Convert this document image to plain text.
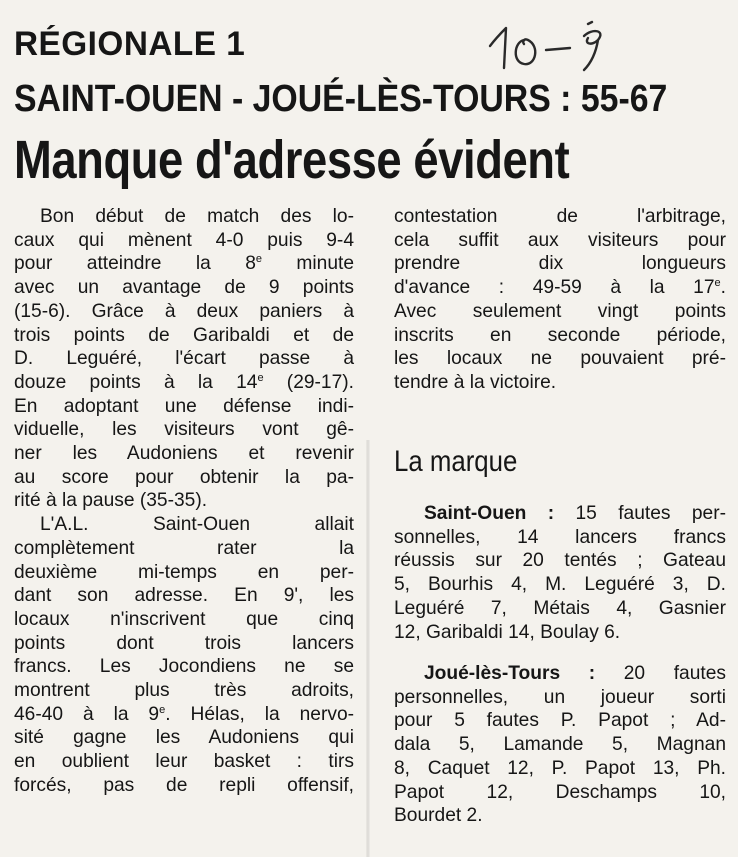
RÉGIONALE 1
SAINT-OUEN - JOUÉ-LÈS-TOURS : 55-67
Manque d'adresse évident
Bon début de match des lo-
caux qui mènent 4-0 puis 9-4
pour atteindre la 8e minute
avec un avantage de 9 points
(15-6). Grâce à deux paniers à
trois points de Garibaldi et de
D. Leguéré, l'écart passe à
douze points à la 14e (29-17).
En adoptant une défense indi-
viduelle, les visiteurs vont gê-
ner les Audoniens et revenir
au score pour obtenir la pa-
rité à la pause (35-35).
L'A.L. Saint-Ouen allait
complètement rater la
deuxième mi-temps en per-
dant son adresse. En 9', les
locaux n'inscrivent que cinq
points dont trois lancers
francs. Les Jocondiens ne se
montrent plus très adroits,
46-40 à la 9e. Hélas, la nervo-
sité gagne les Audoniens qui
en oublient leur basket : tirs
forcés, pas de repli offensif,
contestation de l'arbitrage,
cela suffit aux visiteurs pour
prendre dix longueurs
d'avance : 49-59 à la 17e.
Avec seulement vingt points
inscrits en seconde période,
les locaux ne pouvaient pré-
tendre à la victoire.
La marque
Saint-Ouen : 15 fautes per-
sonnelles, 14 lancers francs
réussis sur 20 tentés ; Gateau
5, Bourhis 4, M. Leguéré 3, D.
Leguéré 7, Métais 4, Gasnier
12, Garibaldi 14, Boulay 6.
Joué-lès-Tours : 20 fautes
personnelles, un joueur sorti
pour 5 fautes P. Papot ; Ad-
dala 5, Lamande 5, Magnan
8, Caquet 12, P. Papot 13, Ph.
Papot 12, Deschamps 10,
Bourdet 2.
